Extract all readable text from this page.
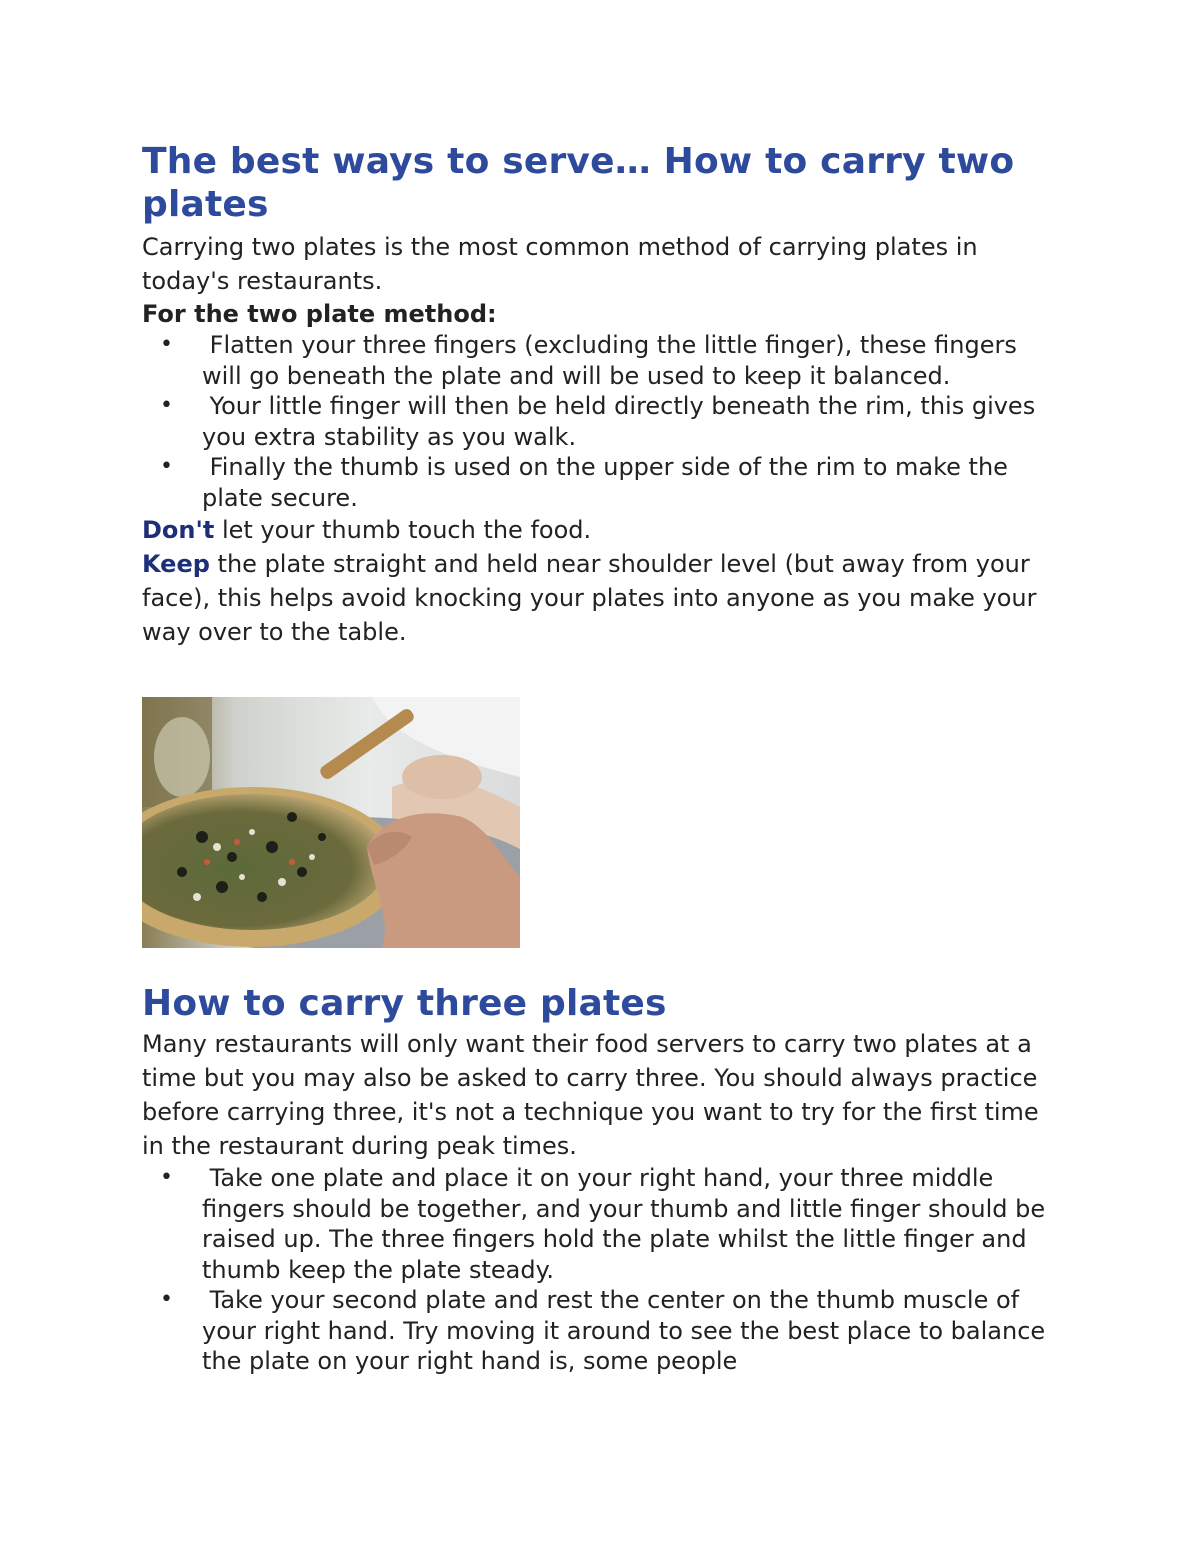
The best ways to serve… How to carry two plates

Carrying two plates is the most common method of carrying plates in today's restaurants.

For the two plate method:

• Flatten your three fingers (excluding the little finger), these fingers will go beneath the plate and will be used to keep it balanced.
• Your little finger will then be held directly beneath the rim, this gives you extra stability as you walk.
• Finally the thumb is used on the upper side of the rim to make the plate secure.

Don't let your thumb touch the food.

Keep the plate straight and held near shoulder level (but away from your face), this helps avoid knocking your plates into anyone as you make your way over to the table.

How to carry three plates

Many restaurants will only want their food servers to carry two plates at a time but you may also be asked to carry three. You should always practice before carrying three, it's not a technique you want to try for the first time in the restaurant during peak times.

• Take one plate and place it on your right hand, your three middle fingers should be together, and your thumb and little finger should be raised up. The three fingers hold the plate whilst the little finger and thumb keep the plate steady.
• Take your second plate and rest the center on the thumb muscle of your right hand. Try moving it around to see the best place to balance the plate on your right hand is, some people
